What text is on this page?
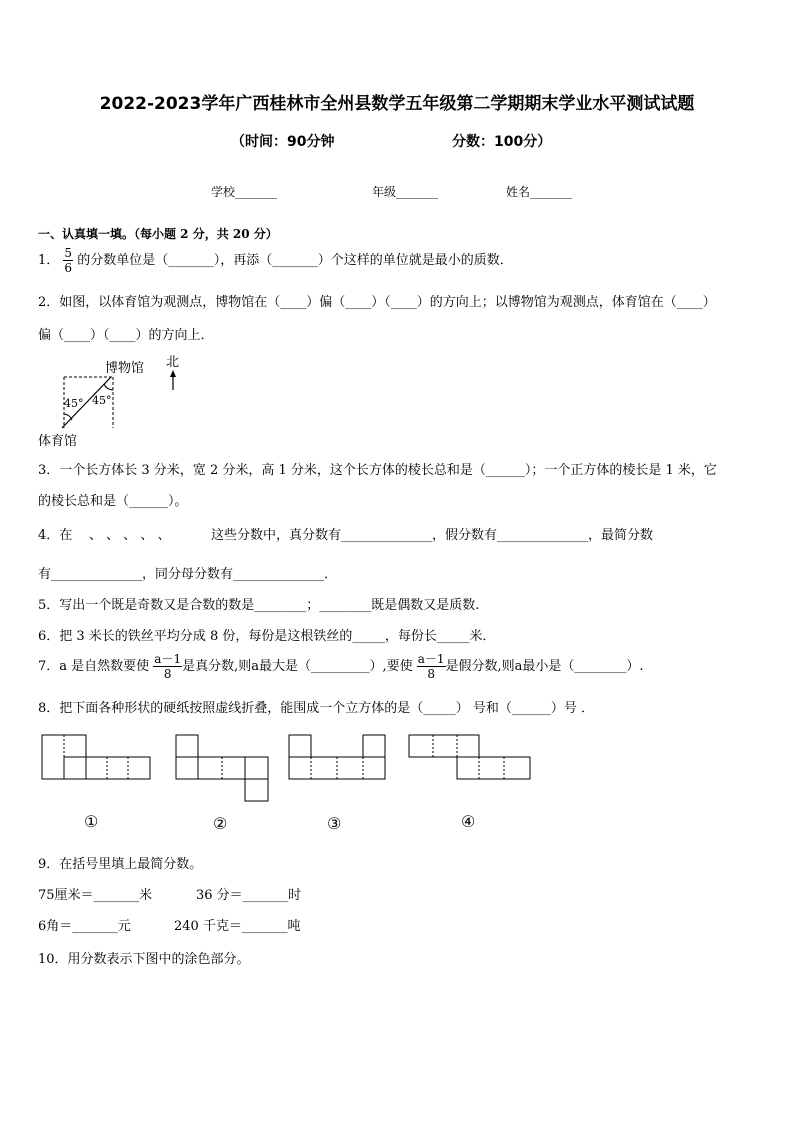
2022-2023学年广西桂林市全州县数学五年级第二学期期末学业水平测试试题
（时间：90分钟	分数：100分）
学校_______	年级_______	姓名_______
一、认真填一填。（每小题 2 分，共 20 分）
1． $\frac{5}{6}$ 的分数单位是（_______），再添（_______）个这样的单位就是最小的质数．
2．如图，以体育馆为观测点，博物馆在（____）偏（____）（____）的方向上；以博物馆为观测点，体育馆在（____）
偏（____）（____）的方向上．
博物馆
体育馆
北
45° 45°
3．一个长方体长 3 分米，宽 2 分米，高 1 分米，这个长方体的棱长总和是（______）；一个正方体的棱长是 1 米，它
的棱长总和是（______）。
4．在 、 、 、 、 、	这些分数中，真分数有______________，假分数有______________，最简分数
有______________，同分母分数有______________．
5．写出一个既是奇数又是合数的数是________；________既是偶数又是质数.
6．把 3 米长的铁丝平均分成 8 份，每份是这根铁丝的_____，每份长_____米．
7．a 是自然数要使 $\frac{a-1}{8}$ 是真分数,则a最大是（_________）,要使 $\frac{a-1}{8}$ 是假分数,则a最小是（________）.
8．把下面各种形状的硬纸按照虚线折叠，能围成一个立方体的是（_____） 号和（______）号 ．
①	②	③	④
9．在括号里填上最简分数。
75厘米＝_______米	36 分＝_______时
6角＝_______元	240 千克＝_______吨
10．用分数表示下图中的涂色部分。
